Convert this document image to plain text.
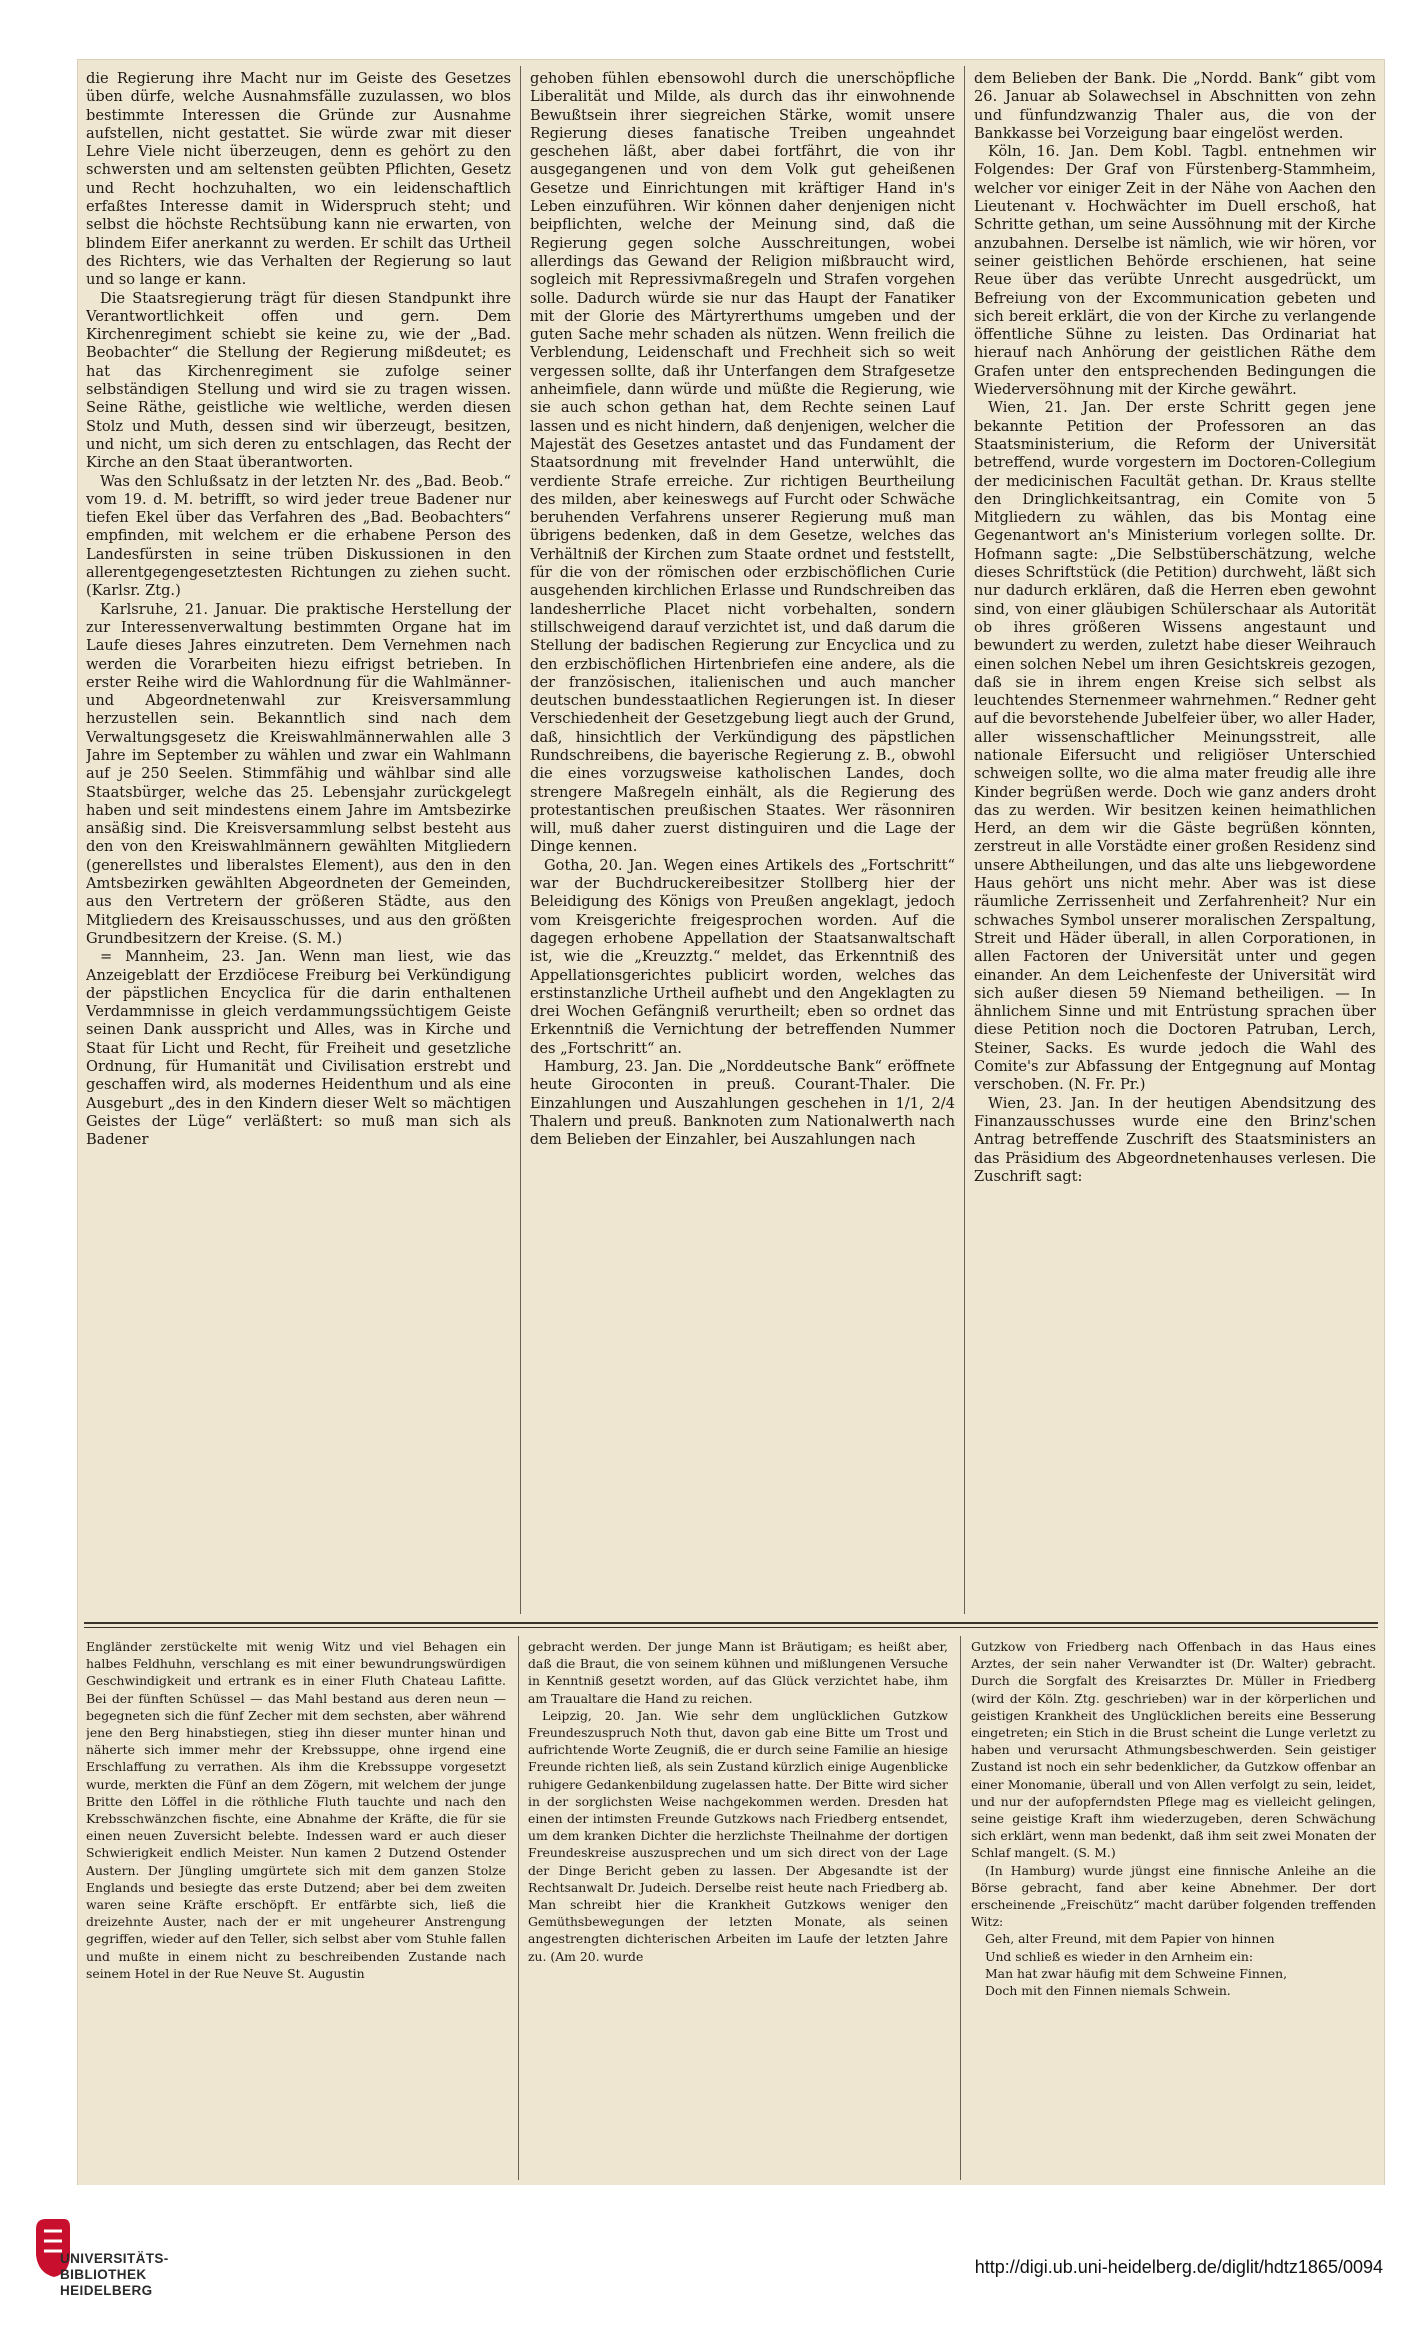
die Regierung ihre Macht nur im Geiste des Gesetzes üben dürfe, welche Ausnahmsfälle zuzulassen, wo blos bestimmte Interessen die Gründe zur Ausnahme aufstellen, nicht gestattet. Sie würde zwar mit dieser Lehre Viele nicht überzeugen, denn es gehört zu den schwersten und am seltensten geübten Pflichten, Gesetz und Recht hochzuhalten, wo ein leidenschaftlich erfaßtes Interesse damit in Widerspruch steht; und selbst die höchste Rechtsübung kann nie erwarten, von blindem Eifer anerkannt zu werden. Er schilt das Urtheil des Richters, wie das Verhalten der Regierung so laut und so lange er kann.

Die Staatsregierung trägt für diesen Standpunkt ihre Verantwortlichkeit offen und gern. Dem Kirchenregiment schiebt sie keine zu, wie der „Bad. Beobachter“ die Stellung der Regierung mißdeutet; es hat das Kirchenregiment sie zufolge seiner selbständigen Stellung und wird sie zu tragen wissen. Seine Räthe, geistliche wie weltliche, werden diesen Stolz und Muth, dessen sind wir überzeugt, besitzen, und nicht, um sich deren zu entschlagen, das Recht der Kirche an den Staat überantworten.

Was den Schlußsatz in der letzten Nr. des „Bad. Beob.“ vom 19. d. M. betrifft, so wird jeder treue Badener nur tiefen Ekel über das Verfahren des „Bad. Beobachters“ empfinden, mit welchem er die erhabene Person des Landesfürsten in seine trüben Diskussionen in den allerentgegengesetztesten Richtungen zu ziehen sucht. (Karlsr. Ztg.)

Karlsruhe, 21. Januar. Die praktische Herstellung der zur Interessenverwaltung bestimmten Organe hat im Laufe dieses Jahres einzutreten. Dem Vernehmen nach werden die Vorarbeiten hiezu eifrigst betrieben. In erster Reihe wird die Wahlordnung für die Wahlmänner- und Abgeordnetenwahl zur Kreisversammlung herzustellen sein. Bekanntlich sind nach dem Verwaltungsgesetz die Kreiswahlmännerwahlen alle 3 Jahre im September zu wählen und zwar ein Wahlmann auf je 250 Seelen. Stimmfähig und wählbar sind alle Staatsbürger, welche das 25. Lebensjahr zurückgelegt haben und seit mindestens einem Jahre im Amtsbezirke ansäßig sind. Die Kreisversammlung selbst besteht aus den von den Kreiswahlmännern gewählten Mitgliedern (generellstes und liberalstes Element), aus den in den Amtsbezirken gewählten Abgeordneten der Gemeinden, aus den Vertretern der größeren Städte, aus den Mitgliedern des Kreisausschusses, und aus den größten Grundbesitzern der Kreise. (S. M.)

= Mannheim, 23. Jan. Wenn man liest, wie das Anzeigeblatt der Erzdiöcese Freiburg bei Verkündigung der päpstlichen Encyclica für die darin enthaltenen Verdammnisse in gleich verdammungssüchtigem Geiste seinen Dank ausspricht und Alles, was in Kirche und Staat für Licht und Recht, für Freiheit und gesetzliche Ordnung, für Humanität und Civilisation erstrebt und geschaffen wird, als modernes Heidenthum und als eine Ausgeburt „des in den Kindern dieser Welt so mächtigen Geistes der Lüge“ verläßtert: so muß man sich als Badener

gehoben fühlen ebensowohl durch die unerschöpfliche Liberalität und Milde, als durch das ihr einwohnende Bewußtsein ihrer siegreichen Stärke, womit unsere Regierung dieses fanatische Treiben ungeahndet geschehen läßt, aber dabei fortfährt, die von ihr ausgegangenen und von dem Volk gut geheißenen Gesetze und Einrichtungen mit kräftiger Hand in's Leben einzuführen. Wir können daher denjenigen nicht beipflichten, welche der Meinung sind, daß die Regierung gegen solche Ausschreitungen, wobei allerdings das Gewand der Religion mißbraucht wird, sogleich mit Repressivmaßregeln und Strafen vorgehen solle. Dadurch würde sie nur das Haupt der Fanatiker mit der Glorie des Märtyrerthums umgeben und der guten Sache mehr schaden als nützen. Wenn freilich die Verblendung, Leidenschaft und Frechheit sich so weit vergessen sollte, daß ihr Unterfangen dem Strafgesetze anheimfiele, dann würde und müßte die Regierung, wie sie auch schon gethan hat, dem Rechte seinen Lauf lassen und es nicht hindern, daß denjenigen, welcher die Majestät des Gesetzes antastet und das Fundament der Staatsordnung mit frevelnder Hand unterwühlt, die verdiente Strafe erreiche. Zur richtigen Beurtheilung des milden, aber keineswegs auf Furcht oder Schwäche beruhenden Verfahrens unserer Regierung muß man übrigens bedenken, daß in dem Gesetze, welches das Verhältniß der Kirchen zum Staate ordnet und feststellt, für die von der römischen oder erzbischöflichen Curie ausgehenden kirchlichen Erlasse und Rundschreiben das landesherrliche Placet nicht vorbehalten, sondern stillschweigend darauf verzichtet ist, und daß darum die Stellung der badischen Regierung zur Encyclica und zu den erzbischöflichen Hirtenbriefen eine andere, als die der französischen, italienischen und auch mancher deutschen bundesstaatlichen Regierungen ist. In dieser Verschiedenheit der Gesetzgebung liegt auch der Grund, daß, hinsichtlich der Verkündigung des päpstlichen Rundschreibens, die bayerische Regierung z. B., obwohl die eines vorzugsweise katholischen Landes, doch strengere Maßregeln einhält, als die Regierung des protestantischen preußischen Staates. Wer räsonniren will, muß daher zuerst distinguiren und die Lage der Dinge kennen.

Gotha, 20. Jan. Wegen eines Artikels des „Fortschritt“ war der Buchdruckereibesitzer Stollberg hier der Beleidigung des Königs von Preußen angeklagt, jedoch vom Kreisgerichte freigesprochen worden. Auf die dagegen erhobene Appellation der Staatsanwaltschaft ist, wie die „Kreuzztg.“ meldet, das Erkenntniß des Appellationsgerichtes publicirt worden, welches das erstinstanzliche Urtheil aufhebt und den Angeklagten zu drei Wochen Gefängniß verurtheilt; eben so ordnet das Erkenntniß die Vernichtung der betreffenden Nummer des „Fortschritt“ an.

Hamburg, 23. Jan. Die „Norddeutsche Bank“ eröffnete heute Giroconten in preuß. Courant-Thaler. Die Einzahlungen und Auszahlungen geschehen in 1/1, 2/4 Thalern und preuß. Banknoten zum Nationalwerth nach dem Belieben der Einzahler, bei Auszahlungen nach

dem Belieben der Bank. Die „Nordd. Bank“ gibt vom 26. Januar ab Solawechsel in Abschnitten von zehn und fünfundzwanzig Thaler aus, die von der Bankkasse bei Vorzeigung baar eingelöst werden.

Köln, 16. Jan. Dem Kobl. Tagbl. entnehmen wir Folgendes: Der Graf von Fürstenberg-Stammheim, welcher vor einiger Zeit in der Nähe von Aachen den Lieutenant v. Hochwächter im Duell erschoß, hat Schritte gethan, um seine Aussöhnung mit der Kirche anzubahnen. Derselbe ist nämlich, wie wir hören, vor seiner geistlichen Behörde erschienen, hat seine Reue über das verübte Unrecht ausgedrückt, um Befreiung von der Excommunication gebeten und sich bereit erklärt, die von der Kirche zu verlangende öffentliche Sühne zu leisten. Das Ordinariat hat hierauf nach Anhörung der geistlichen Räthe dem Grafen unter den entsprechenden Bedingungen die Wiederversöhnung mit der Kirche gewährt.

Wien, 21. Jan. Der erste Schritt gegen jene bekannte Petition der Professoren an das Staatsministerium, die Reform der Universität betreffend, wurde vorgestern im Doctoren-Collegium der medicinischen Facultät gethan. Dr. Kraus stellte den Dringlichkeitsantrag, ein Comite von 5 Mitgliedern zu wählen, das bis Montag eine Gegenantwort an's Ministerium vorlegen sollte. Dr. Hofmann sagte: „Die Selbstüberschätzung, welche dieses Schriftstück (die Petition) durchweht, läßt sich nur dadurch erklären, daß die Herren eben gewohnt sind, von einer gläubigen Schülerschaar als Autorität ob ihres größeren Wissens angestaunt und bewundert zu werden, zuletzt habe dieser Weihrauch einen solchen Nebel um ihren Gesichtskreis gezogen, daß sie in ihrem engen Kreise sich selbst als leuchtendes Sternenmeer wahrnehmen.“ Redner geht auf die bevorstehende Jubelfeier über, wo aller Hader, aller wissenschaftlicher Meinungsstreit, alle nationale Eifersucht und religiöser Unterschied schweigen sollte, wo die alma mater freudig alle ihre Kinder begrüßen werde. Doch wie ganz anders droht das zu werden. Wir besitzen keinen heimathlichen Herd, an dem wir die Gäste begrüßen könnten, zerstreut in alle Vorstädte einer großen Residenz sind unsere Abtheilungen, und das alte uns liebgewordene Haus gehört uns nicht mehr. Aber was ist diese räumliche Zerrissenheit und Zerfahrenheit? Nur ein schwaches Symbol unserer moralischen Zerspaltung, Streit und Häder überall, in allen Corporationen, in allen Factoren der Universität unter und gegen einander. An dem Leichenfeste der Universität wird sich außer diesen 59 Niemand betheiligen. — In ähnlichem Sinne und mit Entrüstung sprachen über diese Petition noch die Doctoren Patruban, Lerch, Steiner, Sacks. Es wurde jedoch die Wahl des Comite's zur Abfassung der Entgegnung auf Montag verschoben. (N. Fr. Pr.)

Wien, 23. Jan. In der heutigen Abendsitzung des Finanzausschusses wurde eine den Brinz'schen Antrag betreffende Zuschrift des Staatsministers an das Präsidium des Abgeordnetenhauses verlesen. Die Zuschrift sagt:

Engländer zerstückelte mit wenig Witz und viel Behagen ein halbes Feldhuhn, verschlang es mit einer bewundrungswürdigen Geschwindigkeit und ertrank es in einer Fluth Chateau Lafitte. Bei der fünften Schüssel — das Mahl bestand aus deren neun — begegneten sich die fünf Zecher mit dem sechsten, aber während jene den Berg hinabstiegen, stieg ihn dieser munter hinan und näherte sich immer mehr der Krebssuppe, ohne irgend eine Erschlaffung zu verrathen. Als ihm die Krebssuppe vorgesetzt wurde, merkten die Fünf an dem Zögern, mit welchem der junge Britte den Löffel in die röthliche Fluth tauchte und nach den Krebsschwänzchen fischte, eine Abnahme der Kräfte, die für sie einen neuen Zuversicht belebte. Indessen ward er auch dieser Schwierigkeit endlich Meister. Nun kamen 2 Dutzend Ostender Austern. Der Jüngling umgürtete sich mit dem ganzen Stolze Englands und besiegte das erste Dutzend; aber bei dem zweiten waren seine Kräfte erschöpft. Er entfärbte sich, ließ die dreizehnte Auster, nach der er mit ungeheurer Anstrengung gegriffen, wieder auf den Teller, sich selbst aber vom Stuhle fallen und mußte in einem nicht zu beschreibenden Zustande nach seinem Hotel in der Rue Neuve St. Augustin

gebracht werden. Der junge Mann ist Bräutigam; es heißt aber, daß die Braut, die von seinem kühnen und mißlungenen Versuche in Kenntniß gesetzt worden, auf das Glück verzichtet habe, ihm am Traualtare die Hand zu reichen.

Leipzig, 20. Jan. Wie sehr dem unglücklichen Gutzkow Freundeszuspruch Noth thut, davon gab eine Bitte um Trost und aufrichtende Worte Zeugniß, die er durch seine Familie an hiesige Freunde richten ließ, als sein Zustand kürzlich einige Augenblicke ruhigere Gedankenbildung zugelassen hatte. Der Bitte wird sicher in der sorglichsten Weise nachgekommen werden. Dresden hat einen der intimsten Freunde Gutzkows nach Friedberg entsendet, um dem kranken Dichter die herzlichste Theilnahme der dortigen Freundeskreise auszusprechen und um sich direct von der Lage der Dinge Bericht geben zu lassen. Der Abgesandte ist der Rechtsanwalt Dr. Judeich. Derselbe reist heute nach Friedberg ab. Man schreibt hier die Krankheit Gutzkows weniger den Gemüthsbewegungen der letzten Monate, als seinen angestrengten dichterischen Arbeiten im Laufe der letzten Jahre zu. (Am 20. wurde

Gutzkow von Friedberg nach Offenbach in das Haus eines Arztes, der sein naher Verwandter ist (Dr. Walter) gebracht. Durch die Sorgfalt des Kreisarztes Dr. Müller in Friedberg (wird der Köln. Ztg. geschrieben) war in der körperlichen und geistigen Krankheit des Unglücklichen bereits eine Besserung eingetreten; ein Stich in die Brust scheint die Lunge verletzt zu haben und verursacht Athmungsbeschwerden. Sein geistiger Zustand ist noch ein sehr bedenklicher, da Gutzkow offenbar an einer Monomanie, überall und von Allen verfolgt zu sein, leidet, und nur der aufopferndsten Pflege mag es vielleicht gelingen, seine geistige Kraft ihm wiederzugeben, deren Schwächung sich erklärt, wenn man bedenkt, daß ihm seit zwei Monaten der Schlaf mangelt. (S. M.)

(In Hamburg) wurde jüngst eine finnische Anleihe an die Börse gebracht, fand aber keine Abnehmer. Der dort erscheinende „Freischütz“ macht darüber folgenden treffenden Witz:

Geh, alter Freund, mit dem Papier von hinnen

Und schließ es wieder in den Arnheim ein:

Man hat zwar häufig mit dem Schweine Finnen,

Doch mit den Finnen niemals Schwein.

UNIVERSITÄTS-
BIBLIOTHEK
HEIDELBERG
http://digi.ub.uni-heidelberg.de/diglit/hdtz1865/0094
